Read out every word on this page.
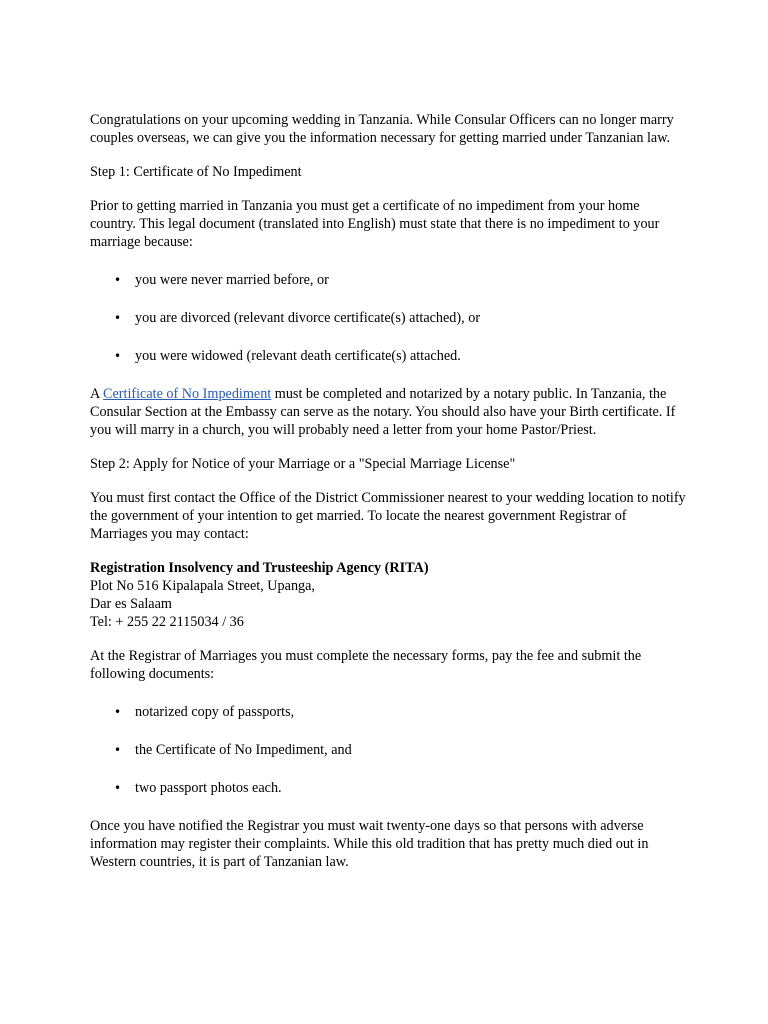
Congratulations on your upcoming wedding in Tanzania. While Consular Officers can no longer marry couples overseas, we can give you the information necessary for getting married under Tanzanian law.

Step 1: Certificate of No Impediment

Prior to getting married in Tanzania you must get a certificate of no impediment from your home country. This legal document (translated into English) must state that there is no impediment to your marriage because:

• you were never married before, or
• you are divorced (relevant divorce certificate(s) attached), or
• you were widowed (relevant death certificate(s) attached.

A Certificate of No Impediment must be completed and notarized by a notary public. In Tanzania, the Consular Section at the Embassy can serve as the notary. You should also have your Birth certificate. If you will marry in a church, you will probably need a letter from your home Pastor/Priest.

Step 2: Apply for Notice of your Marriage or a "Special Marriage License"

You must first contact the Office of the District Commissioner nearest to your wedding location to notify the government of your intention to get married. To locate the nearest government Registrar of Marriages you may contact:

Registration Insolvency and Trusteeship Agency (RITA)
Plot No 516 Kipalapala Street, Upanga,
Dar es Salaam
Tel: + 255 22 2115034 / 36

At the Registrar of Marriages you must complete the necessary forms, pay the fee and submit the following documents:

• notarized copy of passports,
• the Certificate of No Impediment, and
• two passport photos each.

Once you have notified the Registrar you must wait twenty-one days so that persons with adverse information may register their complaints. While this old tradition that has pretty much died out in Western countries, it is part of Tanzanian law.
